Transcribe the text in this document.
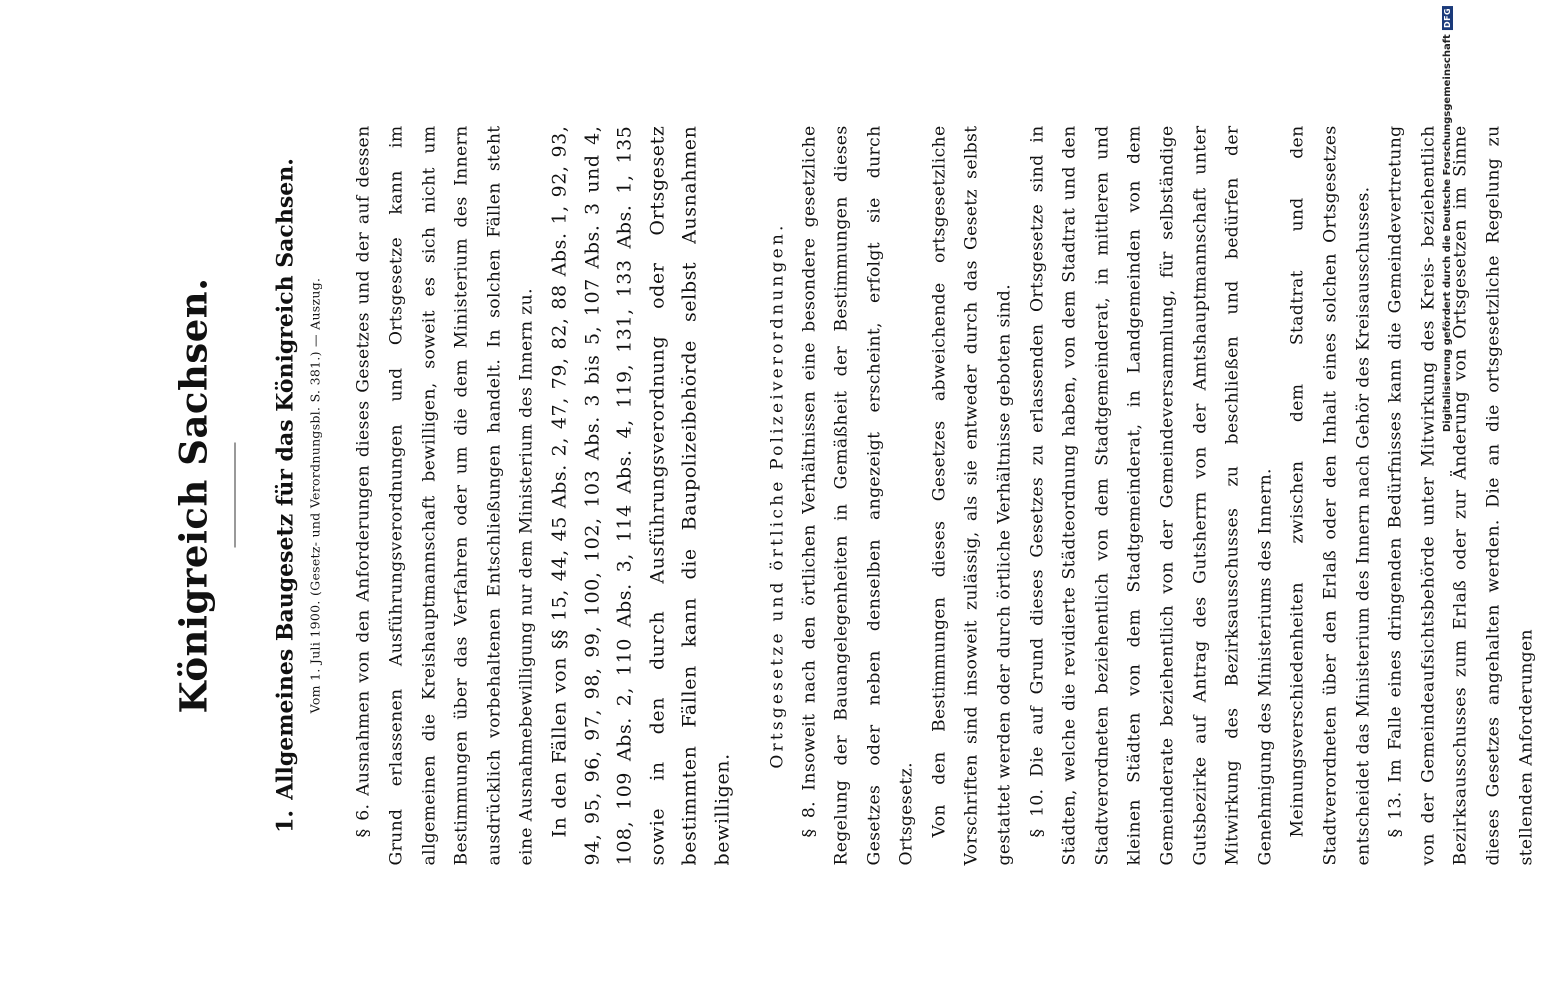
Königreich Sachsen.
1.Allgemeines Baugesetz für das Königreich Sachsen. Vom 1. Juli 1900. (Gesetz- und Verordnungsbl. S. 381.) — Auszug.	§ 6. Ausnahmen von den Anforderungen dieses Gesetzes und der auf dessen Grund erlassenen Ausführungsverordnungen und Ortsgesetze kann im allgemeinen die Kreishauptmannschaft bewilligen, soweit es sich nicht um Bestimmungen über das Verfahren oder um die dem Ministerium des Innern ausdrücklich vorbehaltenen Entschließungen handelt. In solchen Fällen steht eine Ausnahmebewilligung nur dem Ministerium des Innern zu. In den Fällen von §§ 15, 44, 45 Abs. 2, 47, 79, 82, 88 Abs. 1, 92, 93, 94, 95, 96, 97, 98, 99, 100, 102, 103 Abs. 3 bis 5, 107 Abs. 3 und 4, 108, 109 Abs. 2, 110 Abs. 3, 114 Abs. 4, 119, 131, 133 Abs. 1, 135 sowie in den durch Ausführungsverordnung oder Ortsgesetz bestimmten Fällen kann die Baupolizeibehörde selbst Ausnahmen bewilligen.

Ortsgesetze und örtliche Polizeiverordnungen. § 8. Insoweit nach den örtlichen Verhältnissen eine besondere gesetzliche Regelung der Bauangelegenheiten in Gemäßheit der Bestimmungen dieses Gesetzes oder neben denselben angezeigt erscheint, erfolgt sie durch Ortsgesetz. Von den Bestimmungen dieses Gesetzes abweichende ortsgesetzliche Vorschriften sind insoweit zulässig, als sie entweder durch das Gesetz selbst gestattet werden oder durch örtliche Verhältnisse geboten sind. § 10. Die auf Grund dieses Gesetzes zu erlassenden Ortsgesetze sind in Städten, welche die revidierte Städteordnung haben, von dem Stadtrat und den Stadtverordneten beziehentlich von dem Stadtgemeinderat, in mittleren und kleinen Städten von dem Stadtgemeinderat, in Landgemeinden von dem Gemeinderate beziehentlich von der Gemeindeversammlung, für selbständige Gutsbezirke auf Antrag des Gutsherrn von der Amtshauptmannschaft unter Mitwirkung des Bezirksausschusses zu beschließen und bedürfen der Genehmigung des Ministeriums des Innern. Meinungsverschiedenheiten zwischen dem Stadtrat und den Stadtverordneten über den Erlaß oder den Inhalt eines solchen Ortsgesetzes entscheidet das Ministerium des Innern nach Gehör des Kreisausschusses. § 13. Im Falle eines dringenden Bedürfnisses kann die Gemeindevertretung von der Gemeindeaufsichtsbehörde unter Mitwirkung des Kreis- beziehentlich Bezirksausschusses zum Erlaß oder zur Änderung von Ortsgesetzen im Sinne dieses Gesetzes angehalten werden. Die an die ortsgesetzliche Regelung zu stellenden Anforderungen

Digitalisierung gefördert durch die Deutsche Forschungsgemeinschaft
DFG
